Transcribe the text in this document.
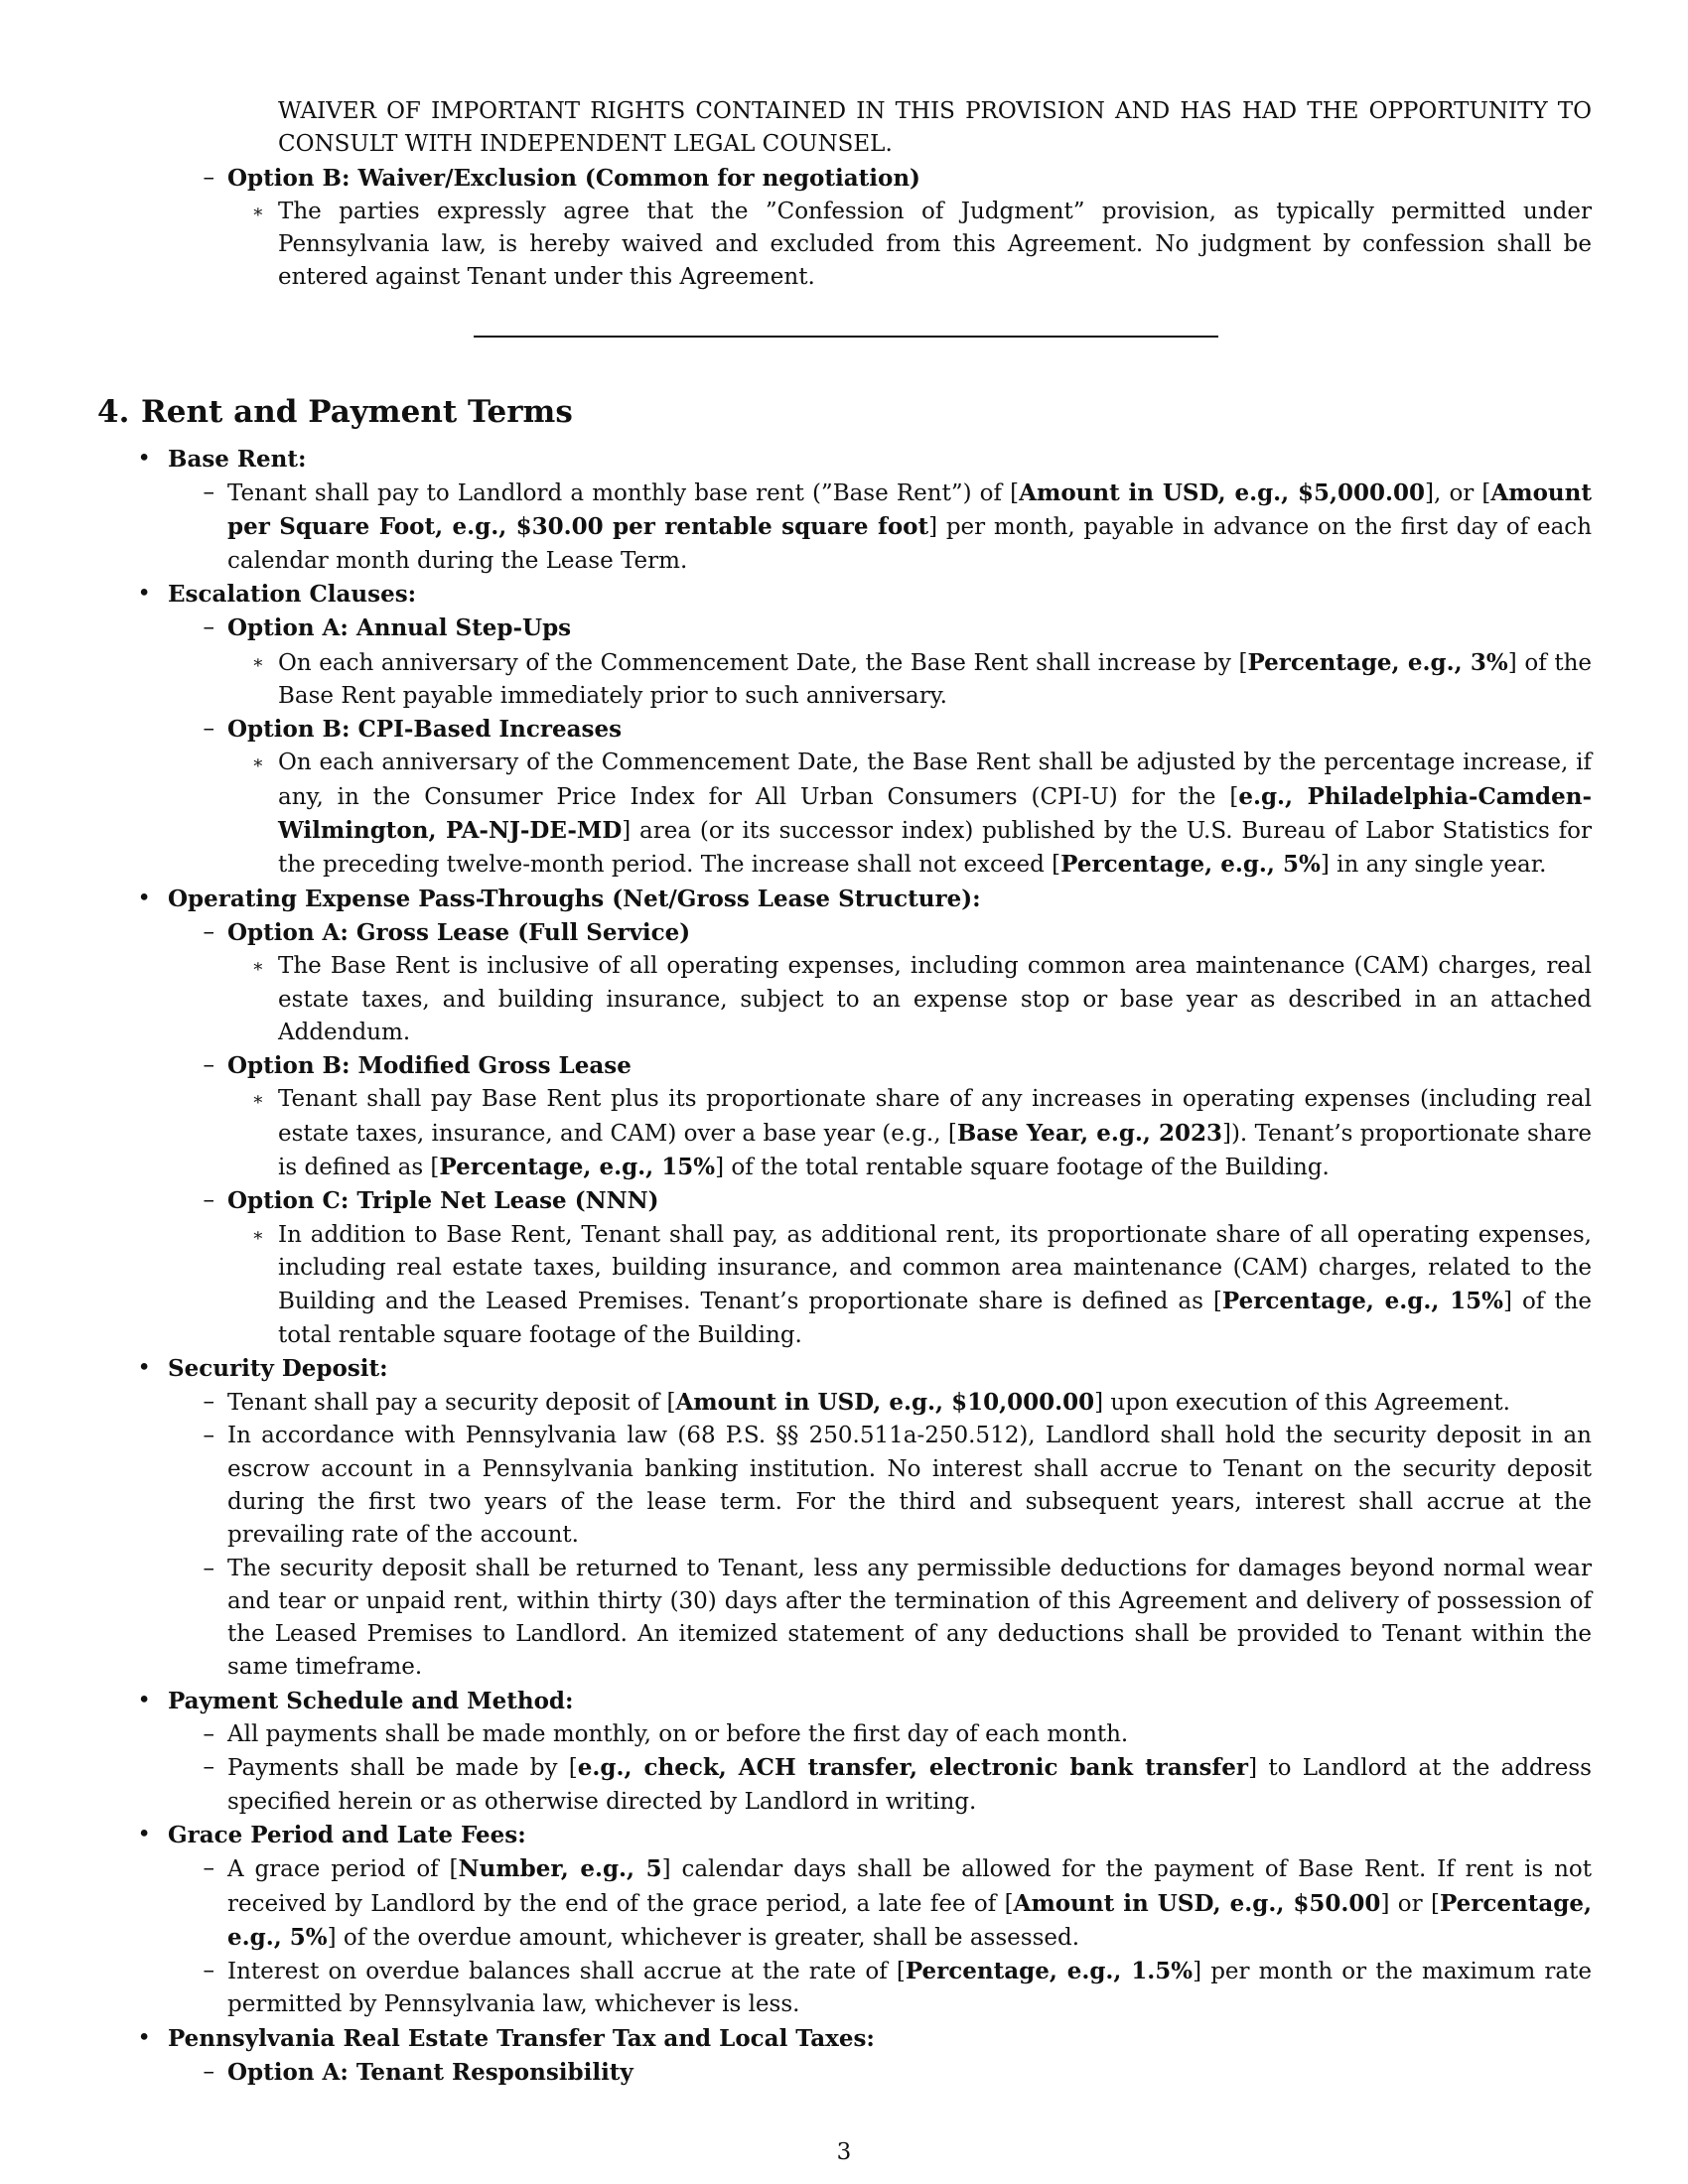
WAIVER OF IMPORTANT RIGHTS CONTAINED IN THIS PROVISION AND HAS HAD THE OPPORTUNITY TO CONSULT WITH INDEPENDENT LEGAL COUNSEL.
– Option B: Waiver/Exclusion (Common for negotiation)
∗ The parties expressly agree that the ”Confession of Judgment” provision, as typically permitted under Pennsylvania law, is hereby waived and excluded from this Agreement. No judgment by confession shall be entered against Tenant under this Agreement.
4. Rent and Payment Terms
• Base Rent:
– Tenant shall pay to Landlord a monthly base rent (”Base Rent”) of [Amount in USD, e.g., $5,000.00], or [Amount per Square Foot, e.g., $30.00 per rentable square foot] per month, payable in advance on the first day of each calendar month during the Lease Term.
• Escalation Clauses:
– Option A: Annual Step-Ups
∗ On each anniversary of the Commencement Date, the Base Rent shall increase by [Percentage, e.g., 3%] of the Base Rent payable immediately prior to such anniversary.
– Option B: CPI-Based Increases
∗ On each anniversary of the Commencement Date, the Base Rent shall be adjusted by the percentage increase, if any, in the Consumer Price Index for All Urban Consumers (CPI-U) for the [e.g., Philadelphia-Camden-Wilmington, PA-NJ-DE-MD] area (or its successor index) published by the U.S. Bureau of Labor Statistics for the preceding twelve-month period. The increase shall not exceed [Percentage, e.g., 5%] in any single year.
• Operating Expense Pass-Throughs (Net/Gross Lease Structure):
– Option A: Gross Lease (Full Service)
∗ The Base Rent is inclusive of all operating expenses, including common area maintenance (CAM) charges, real estate taxes, and building insurance, subject to an expense stop or base year as described in an attached Addendum.
– Option B: Modified Gross Lease
∗ Tenant shall pay Base Rent plus its proportionate share of any increases in operating expenses (including real estate taxes, insurance, and CAM) over a base year (e.g., [Base Year, e.g., 2023]). Tenant’s proportionate share is defined as [Percentage, e.g., 15%] of the total rentable square footage of the Building.
– Option C: Triple Net Lease (NNN)
∗ In addition to Base Rent, Tenant shall pay, as additional rent, its proportionate share of all operating expenses, including real estate taxes, building insurance, and common area maintenance (CAM) charges, related to the Building and the Leased Premises. Tenant’s proportionate share is defined as [Percentage, e.g., 15%] of the total rentable square footage of the Building.
• Security Deposit:
– Tenant shall pay a security deposit of [Amount in USD, e.g., $10,000.00] upon execution of this Agreement.
– In accordance with Pennsylvania law (68 P.S. §§ 250.511a-250.512), Landlord shall hold the security deposit in an escrow account in a Pennsylvania banking institution. No interest shall accrue to Tenant on the security deposit during the first two years of the lease term. For the third and subsequent years, interest shall accrue at the prevailing rate of the account.
– The security deposit shall be returned to Tenant, less any permissible deductions for damages beyond normal wear and tear or unpaid rent, within thirty (30) days after the termination of this Agreement and delivery of possession of the Leased Premises to Landlord. An itemized statement of any deductions shall be provided to Tenant within the same timeframe.
• Payment Schedule and Method:
– All payments shall be made monthly, on or before the first day of each month.
– Payments shall be made by [e.g., check, ACH transfer, electronic bank transfer] to Landlord at the address specified herein or as otherwise directed by Landlord in writing.
• Grace Period and Late Fees:
– A grace period of [Number, e.g., 5] calendar days shall be allowed for the payment of Base Rent. If rent is not received by Landlord by the end of the grace period, a late fee of [Amount in USD, e.g., $50.00] or [Percentage, e.g., 5%] of the overdue amount, whichever is greater, shall be assessed.
– Interest on overdue balances shall accrue at the rate of [Percentage, e.g., 1.5%] per month or the maximum rate permitted by Pennsylvania law, whichever is less.
• Pennsylvania Real Estate Transfer Tax and Local Taxes:
– Option A: Tenant Responsibility
3
